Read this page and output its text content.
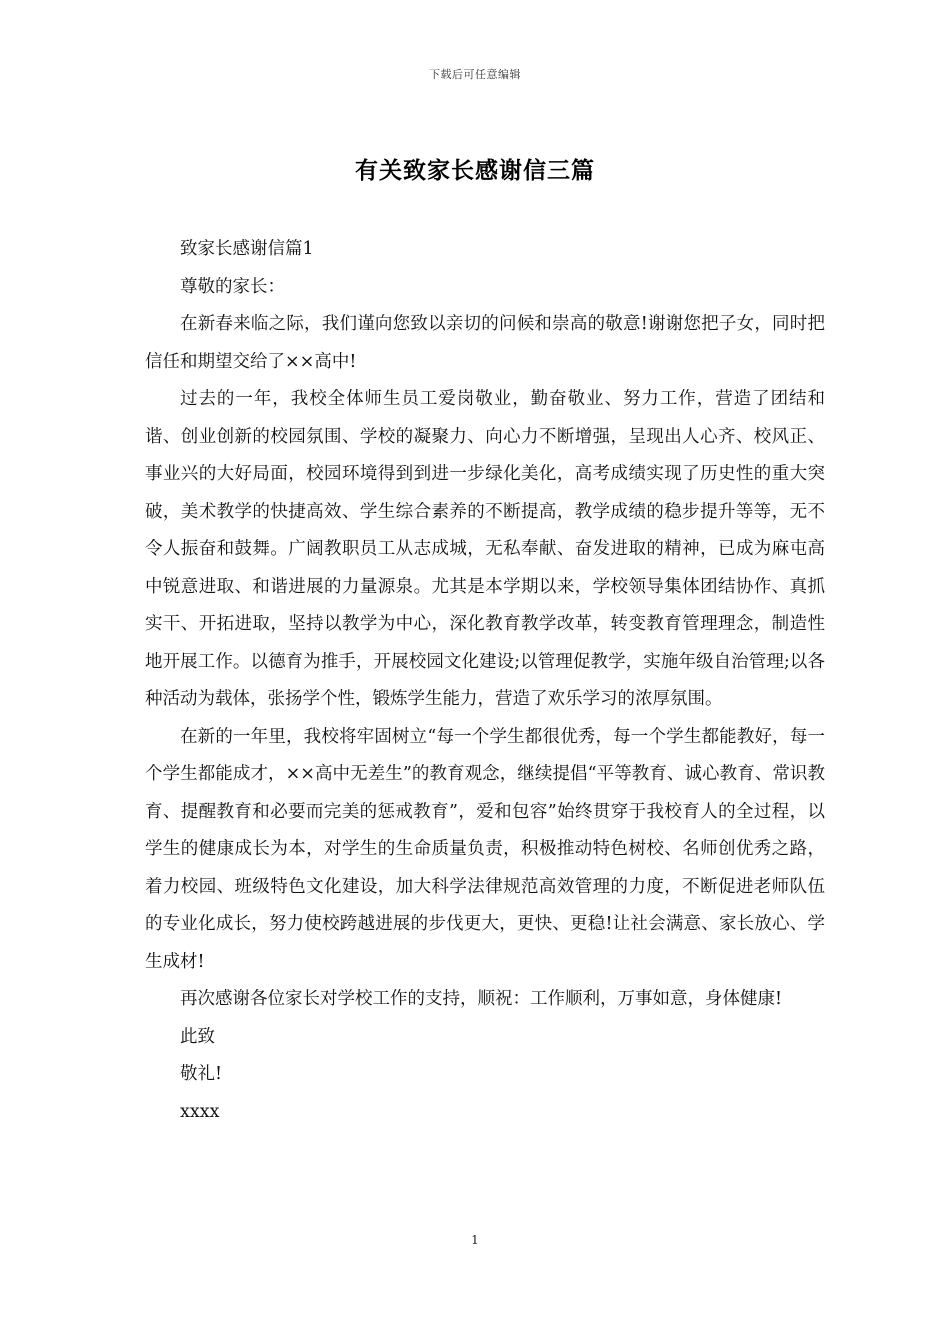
下载后可任意编辑
有关致家长感谢信三篇

致家长感谢信篇1

尊敬的家长：

在新春来临之际，我们谨向您致以亲切的问候和崇高的敬意!谢谢您把子女，同时把信任和期望交给了××高中!

过去的一年，我校全体师生员工爱岗敬业，勤奋敬业、努力工作，营造了团结和谐、创业创新的校园氛围、学校的凝聚力、向心力不断增强，呈现出人心齐、校风正、事业兴的大好局面，校园环境得到到进一步绿化美化，高考成绩实现了历史性的重大突破，美术教学的快捷高效、学生综合素养的不断提高，教学成绩的稳步提升等等，无不令人振奋和鼓舞。广阔教职员工从志成城，无私奉献、奋发进取的精神，已成为麻屯高中锐意进取、和谐进展的力量源泉。尤其是本学期以来，学校领导集体团结协作、真抓实干、开拓进取，坚持以教学为中心，深化教育教学改革，转变教育管理理念，制造性地开展工作。以德育为推手，开展校园文化建设;以管理促教学，实施年级自治管理;以各种活动为载体，张扬学个性，锻炼学生能力，营造了欢乐学习的浓厚氛围。

在新的一年里，我校将牢固树立“每一个学生都很优秀，每一个学生都能教好，每一个学生都能成才，××高中无差生”的教育观念，继续提倡“平等教育、诚心教育、常识教育、提醒教育和必要而完美的惩戒教育”，爱和包容”始终贯穿于我校育人的全过程，以学生的健康成长为本，对学生的生命质量负责，积极推动特色树校、名师创优秀之路，着力校园、班级特色文化建设，加大科学法律规范高效管理的力度，不断促进老师队伍的专业化成长，努力使校跨越进展的步伐更大，更快、更稳!让社会满意、家长放心、学生成材!

再次感谢各位家长对学校工作的支持，顺祝：工作顺利，万事如意，身体健康!

此致

敬礼!

xxxx

1
